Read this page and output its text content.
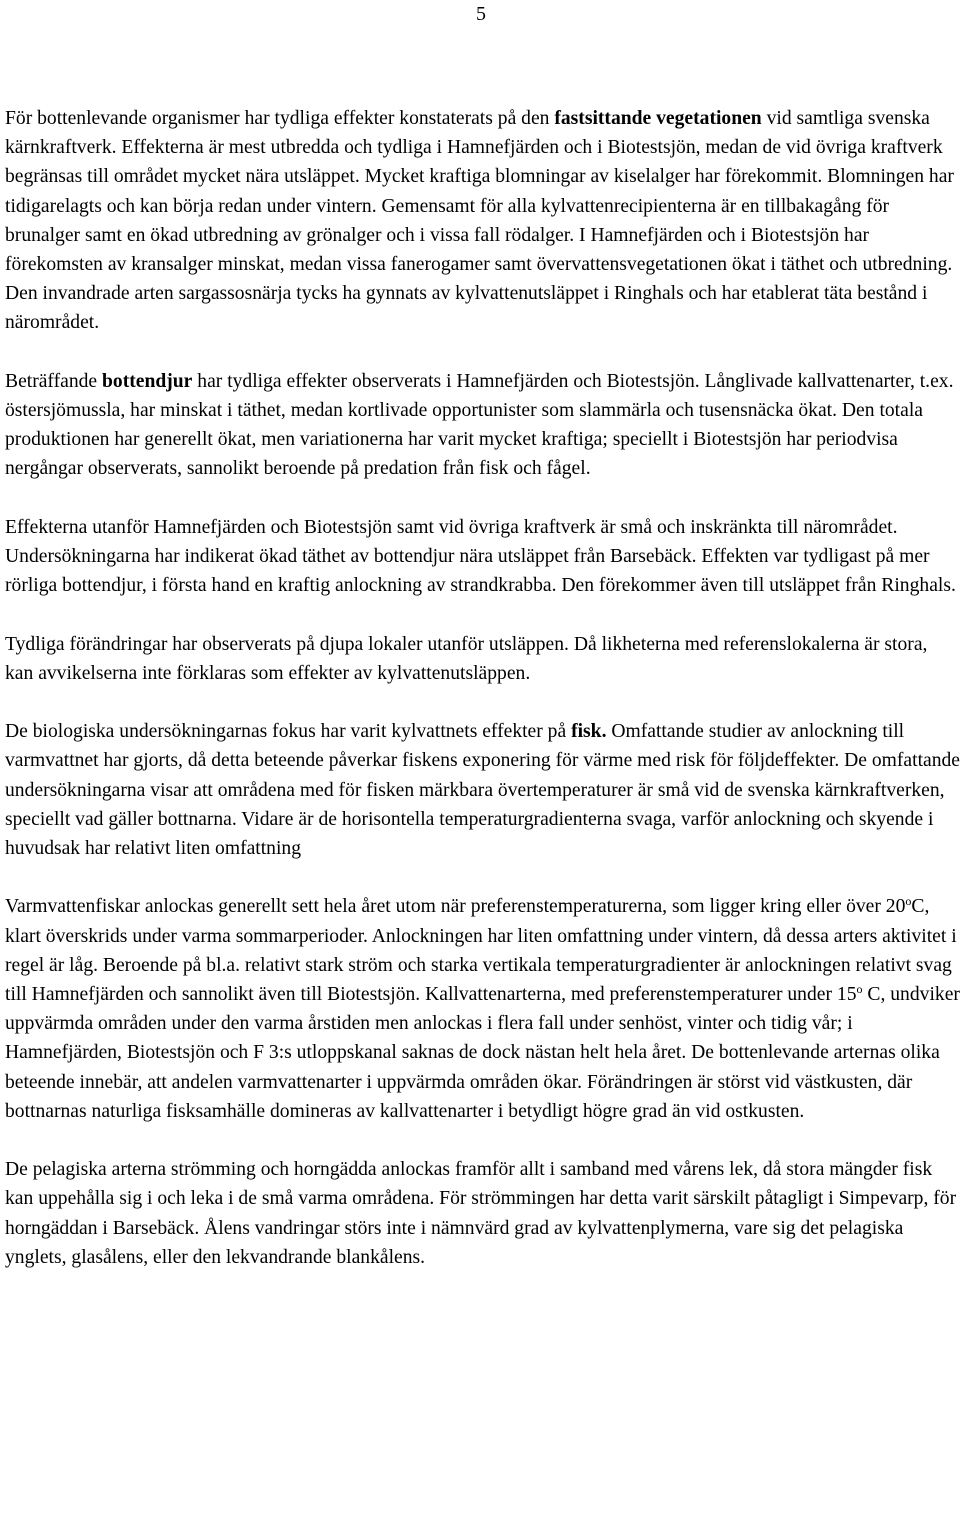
5

För bottenlevande organismer har tydliga effekter konstaterats på den fastsittande vegetationen vid samtliga svenska kärnkraftverk. Effekterna är mest utbredda och tydliga i Hamnefjärden och i Biotestsjön, medan de vid övriga kraftverk begränsas till området mycket nära utsläppet. Mycket kraftiga blomningar av kiselalger har förekommit. Blomningen har tidigarelagts och kan börja redan under vintern. Gemensamt för alla kylvattenrecipienterna är en tillbakagång för brunalger samt en ökad utbredning av grönalger och i vissa fall rödalger. I Hamnefjärden och i Biotestsjön har förekomsten av kransalger minskat, medan vissa fanerogamer samt övervattensvegetationen ökat i täthet och utbredning. Den invandrade arten sargassosnärja tycks ha gynnats av kylvattenutsläppet i Ringhals och har etablerat täta bestånd i närområdet.

Beträffande bottendjur har tydliga effekter observerats i Hamnefjärden och Biotestsjön. Långlivade kallvattenarter, t.ex. östersjömussla, har minskat i täthet, medan kortlivade opportunister som slammärla och tusensnäcka ökat. Den totala produktionen har generellt ökat, men variationerna har varit mycket kraftiga; speciellt i Biotestsjön har periodvisa nergångar observerats, sannolikt beroende på predation från fisk och fågel.

Effekterna utanför Hamnefjärden och Biotestsjön samt vid övriga kraftverk är små och inskränkta till närområdet. Undersökningarna har indikerat ökad täthet av bottendjur nära utsläppet från Barsebäck. Effekten var tydligast på mer rörliga bottendjur, i första hand en kraftig anlockning av strandkrabba. Den förekommer även till utsläppet från Ringhals.

Tydliga förändringar har observerats på djupa lokaler utanför utsläppen. Då likheterna med referenslokalerna är stora, kan avvikelserna inte förklaras som effekter av kylvattenutsläppen.

De biologiska undersökningarnas fokus har varit kylvattnets effekter på fisk. Omfattande studier av anlockning till varmvattnet har gjorts, då detta beteende påverkar fiskens exponering för värme med risk för följdeffekter. De omfattande undersökningarna visar att områdena med för fisken märkbara övertemperaturer är små vid de svenska kärnkraftverken, speciellt vad gäller bottnarna. Vidare är de horisontella temperaturgradienterna svaga, varför anlockning och skyende i huvudsak har relativt liten omfattning

Varmvattenfiskar anlockas generellt sett hela året utom när preferenstemperaturerna, som ligger kring eller över 20$^o$C, klart överskrids under varma sommarperioder. Anlockningen har liten omfattning under vintern, då dessa arters aktivitet i regel är låg. Beroende på bl.a. relativt stark ström och starka vertikala temperaturgradienter är anlockningen relativt svag till Hamnefjärden och sannolikt även till Biotestsjön. Kallvattenarterna, med preferenstemperaturer under 15$^o$ C, undviker uppvärmda områden under den varma årstiden men anlockas i flera fall under senhöst, vinter och tidig vår; i Hamnefjärden, Biotestsjön och F 3:s utloppskanal saknas de dock nästan helt hela året. De bottenlevande arternas olika beteende innebär, att andelen varmvattenarter i uppvärmda områden ökar. Förändringen är störst vid västkusten, där bottnarnas naturliga fisksamhälle domineras av kallvattenarter i betydligt högre grad än vid ostkusten.

De pelagiska arterna strömming och horngädda anlockas framför allt i samband med vårens lek, då stora mängder fisk kan uppehålla sig i och leka i de små varma områdena. För strömmingen har detta varit särskilt påtagligt i Simpevarp, för horngäddan i Barsebäck. Ålens vandringar störs inte i nämnvärd grad av kylvattenplymerna, vare sig det pelagiska ynglets, glasålens, eller den lekvandrande blankålens.
